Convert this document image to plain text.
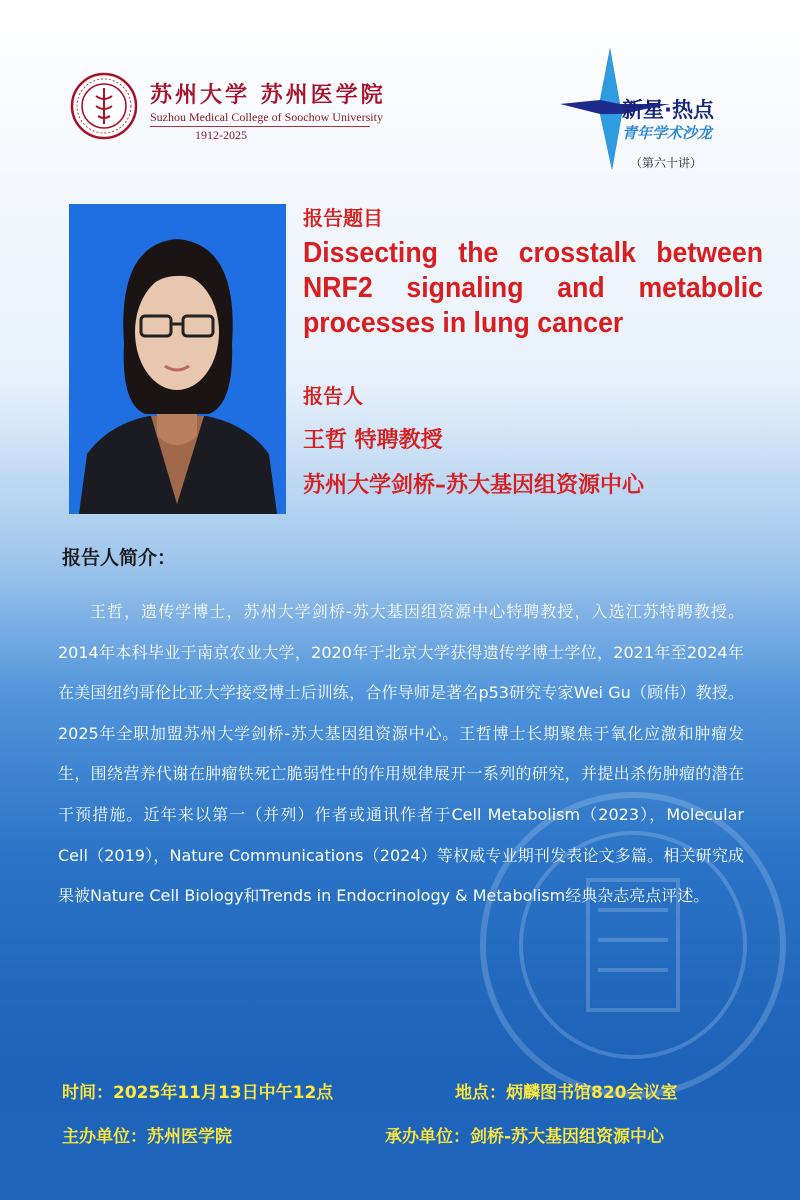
苏州大学 苏州医学院
Suzhou Medical College of Soochow University
1912-2025
新星·热点
青年学术沙龙
（第六十讲）
报告题目
Dissecting the crosstalk between NRF2 signaling and metabolic processes in lung cancer
报告人
王哲 特聘教授
苏州大学剑桥–苏大基因组资源中心
报告人简介：
王哲，遗传学博士，苏州大学剑桥-苏大基因组资源中心特聘教授，入选江苏特聘教授。2014年本科毕业于南京农业大学，2020年于北京大学获得遗传学博士学位，2021年至2024年在美国纽约哥伦比亚大学接受博士后训练，合作导师是著名p53研究专家Wei Gu（顾伟）教授。2025年全职加盟苏州大学剑桥-苏大基因组资源中心。王哲博士长期聚焦于氧化应激和肿瘤发生，围绕营养代谢在肿瘤铁死亡脆弱性中的作用规律展开一系列的研究，并提出杀伤肿瘤的潜在干预措施。近年来以第一（并列）作者或通讯作者于Cell Metabolism（2023），Molecular Cell（2019），Nature Communications（2024）等权威专业期刊发表论文多篇。相关研究成果被Nature Cell Biology和Trends in Endocrinology & Metabolism经典杂志亮点评述。
时间：2025年11月13日中午12点	地点：炳麟图书馆820会议室
主办单位：苏州医学院	承办单位：剑桥-苏大基因组资源中心
